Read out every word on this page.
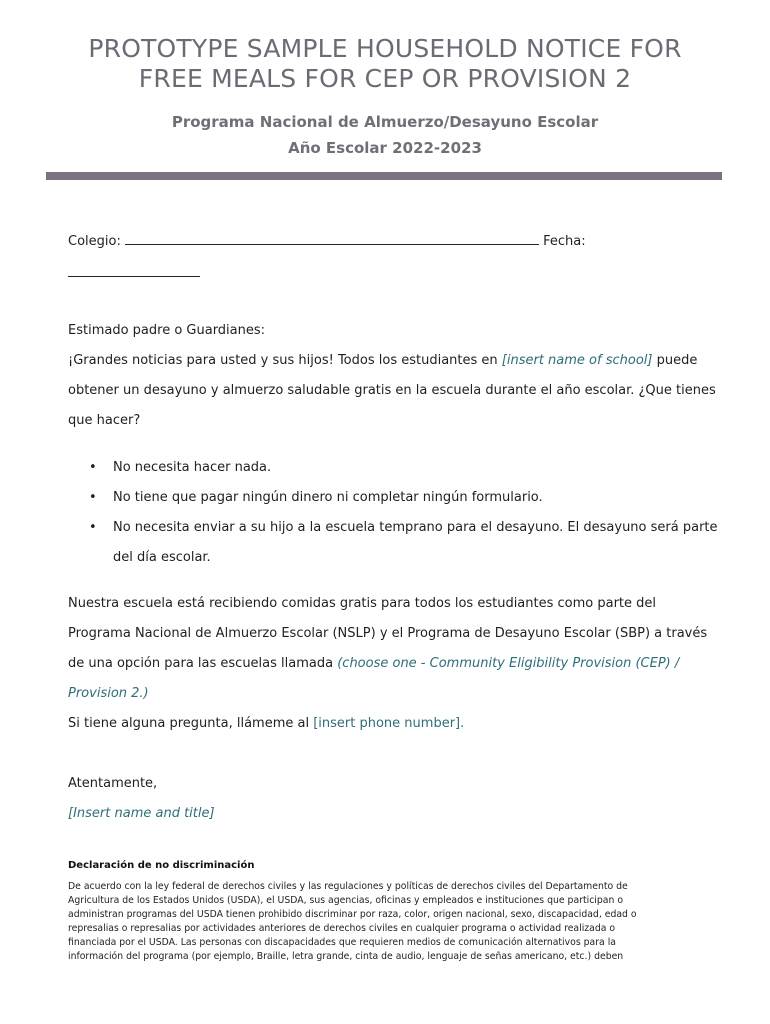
PROTOTYPE SAMPLE HOUSEHOLD NOTICE FOR
FREE MEALS FOR CEP OR PROVISION 2
Programa Nacional de Almuerzo/Desayuno Escolar
Año Escolar 2022-2023
Colegio:	Fecha:
Estimado padre o Guardianes:
¡Grandes noticias para usted y sus hijos! Todos los estudiantes en [insert name of school] puede
obtener un desayuno y almuerzo saludable gratis en la escuela durante el año escolar. ¿Que tienes
que hacer?
• No necesita hacer nada.
• No tiene que pagar ningún dinero ni completar ningún formulario.
• No necesita enviar a su hijo a la escuela temprano para el desayuno. El desayuno será parte
del día escolar.
Nuestra escuela está recibiendo comidas gratis para todos los estudiantes como parte del
Programa Nacional de Almuerzo Escolar (NSLP) y el Programa de Desayuno Escolar (SBP) a través
de una opción para las escuelas llamada (choose one - Community Eligibility Provision (CEP) /
Provision 2.)
Si tiene alguna pregunta, llámeme al [insert phone number].
Atentamente,
[Insert name and title]
Declaración de no discriminación
De acuerdo con la ley federal de derechos civiles y las regulaciones y políticas de derechos civiles del Departamento de
Agricultura de los Estados Unidos (USDA), el USDA, sus agencias, oficinas y empleados e instituciones que participan o
administran programas del USDA tienen prohibido discriminar por raza, color, origen nacional, sexo, discapacidad, edad o
represalias o represalias por actividades anteriores de derechos civiles en cualquier programa o actividad realizada o
financiada por el USDA. Las personas con discapacidades que requieren medios de comunicación alternativos para la
información del programa (por ejemplo, Braille, letra grande, cinta de audio, lenguaje de señas americano, etc.) deben
